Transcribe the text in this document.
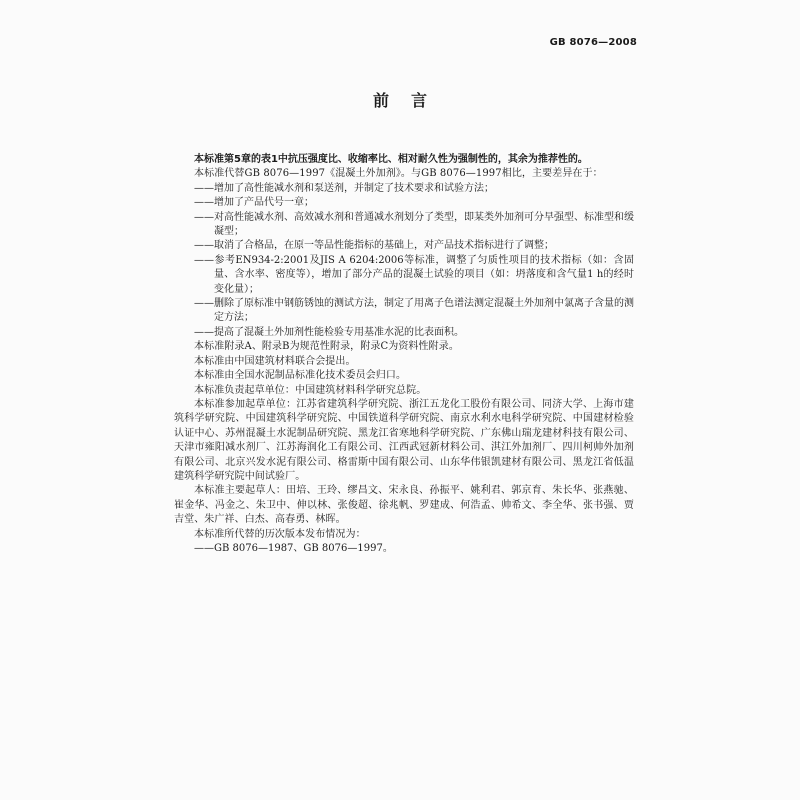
GB 8076—2008
前言

本标准第5章的表1中抗压强度比、收缩率比、相对耐久性为强制性的，其余为推荐性的。

本标准代替GB 8076—1997《混凝土外加剂》。与GB 8076—1997相比，主要差异在于：

——增加了高性能减水剂和泵送剂，并制定了技术要求和试验方法；

——增加了产品代号一章；

——对高性能减水剂、高效减水剂和普通减水剂划分了类型，即某类外加剂可分早强型、标准型和缓凝型；

——取消了合格品，在原一等品性能指标的基础上，对产品技术指标进行了调整；

——参考EN934-2:2001及JIS A 6204:2006等标准，调整了匀质性项目的技术指标（如：含固量、含水率、密度等），增加了部分产品的混凝土试验的项目（如：坍落度和含气量1 h的经时变化量）；

——删除了原标准中钢筋锈蚀的测试方法，制定了用离子色谱法测定混凝土外加剂中氯离子含量的测定方法；

——提高了混凝土外加剂性能检验专用基准水泥的比表面积。

本标准附录A、附录B为规范性附录，附录C为资料性附录。

本标准由中国建筑材料联合会提出。

本标准由全国水泥制品标准化技术委员会归口。

本标准负责起草单位：中国建筑材料科学研究总院。

本标准参加起草单位：江苏省建筑科学研究院、浙江五龙化工股份有限公司、同济大学、上海市建筑科学研究院、中国建筑科学研究院、中国铁道科学研究院、南京水利水电科学研究院、中国建材检验认证中心、苏州混凝土水泥制品研究院、黑龙江省寒地科学研究院、广东佛山瑞龙建材科技有限公司、天津市雍阳减水剂厂、江苏海润化工有限公司、江西武冠新材料公司、淇江外加剂厂、四川柯帅外加剂有限公司、北京兴发水泥有限公司、格雷斯中国有限公司、山东华伟银凯建材有限公司、黑龙江省低温建筑科学研究院中间试验厂。

本标准主要起草人：田培、王玲、缪昌文、宋永良、孙振平、姚利君、郭京育、朱长华、张燕驰、崔金华、冯金之、朱卫中、伸以林、张俊超、徐兆帆、罗建成、何浩孟、帅希文、李全华、张书强、贾吉堂、朱广祥、白杰、高春勇、林晖。

本标准所代替的历次版本发布情况为：

——GB 8076—1987、GB 8076—1997。
